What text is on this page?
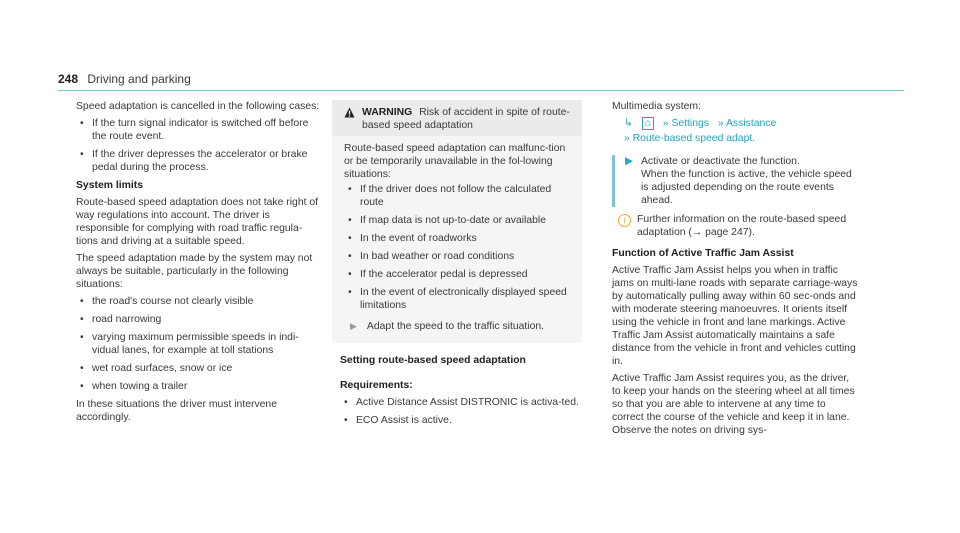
248 Driving and parking

Speed adaptation is cancelled in the following cases:

• If the turn signal indicator is switched off before the route event.
• If the driver depresses the accelerator or brake pedal during the process.

System limits

Route-based speed adaptation does not take right of way regulations into account. The driver is responsible for complying with road traffic regula-tions and driving at a suitable speed.

The speed adaptation made by the system may not always be suitable, particularly in the following situations:

• the road's course not clearly visible
• road narrowing
• varying maximum permissible speeds in indi-vidual lanes, for example at toll stations
• wet road surfaces, snow or ice
• when towing a trailer

In these situations the driver must intervene accordingly.

WARNING Risk of accident in spite of route-based speed adaptation
Route-based speed adaptation can malfunc-tion or be temporarily unavailable in the fol-lowing situations:
• If the driver does not follow the calculated route
• If map data is not up-to-date or available
• In the event of roadworks
• In bad weather or road conditions
• If the accelerator pedal is depressed
• In the event of electronically displayed speed limitations
▶ Adapt the speed to the traffic situation.

Setting route-based speed adaptation

Requirements:

• Active Distance Assist DISTRONIC is activa-ted.
• ECO Assist is active.

Multimedia system:

↳ ⌂ » Settings » Assistance
» Route-based speed adapt.
▶ Activate or deactivate the function.
When the function is active, the vehicle speed is adjusted depending on the route events ahead.
i	Further information on the route-based speed adaptation (→ page 247).

Function of Active Traffic Jam Assist

Active Traffic Jam Assist helps you when in traffic jams on multi-lane roads with separate carriage-ways by automatically pulling away within 60 sec-onds and with moderate steering manoeuvres. It orients itself using the vehicle in front and lane markings. Active Traffic Jam Assist automatically maintains a safe distance from the vehicle in front and vehicles cutting in.

Active Traffic Jam Assist requires you, as the driver, to keep your hands on the steering wheel at all times so that you are able to intervene at any time to correct the course of the vehicle and keep it in lane. Observe the notes on driving sys-
